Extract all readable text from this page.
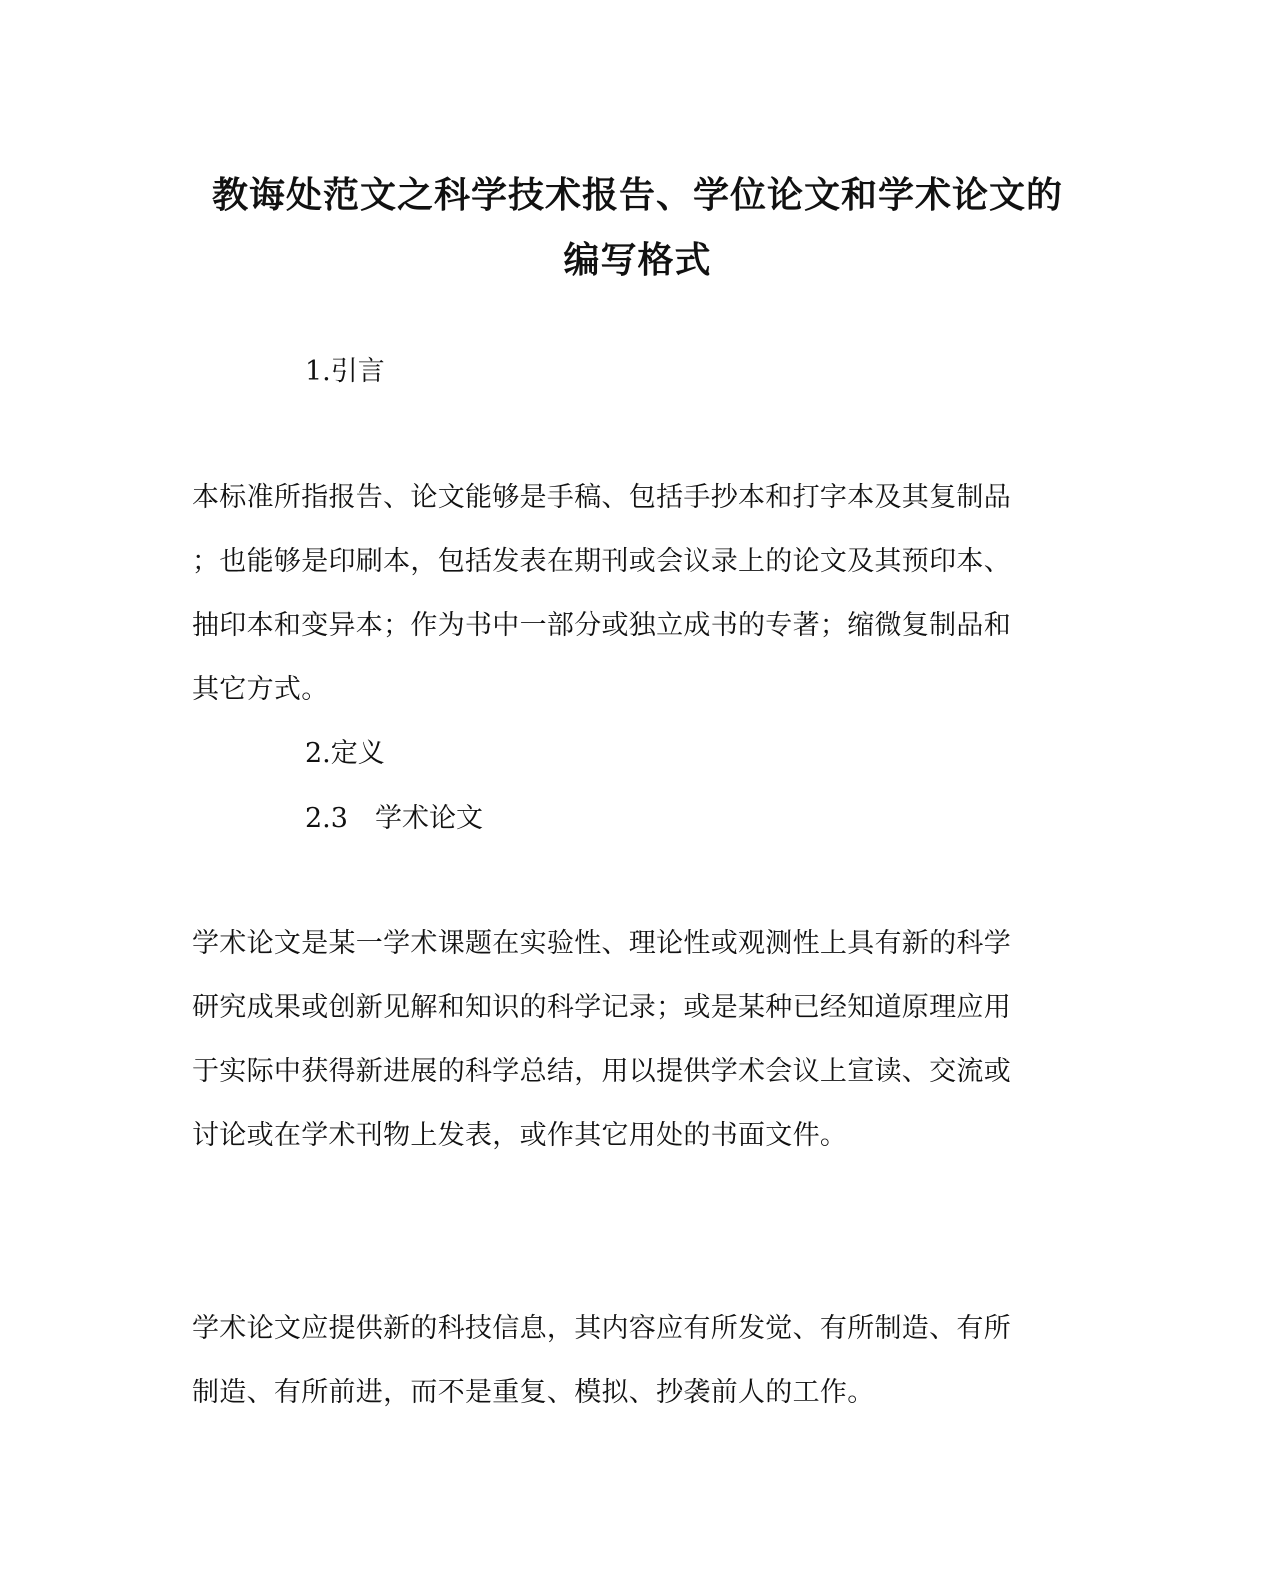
教诲处范文之科学技术报告、学位论文和学术论文的
编写格式
1.引言
本标准所指报告、论文能够是手稿、包括手抄本和打字本及其复制品
；也能够是印刷本，包括发表在期刊或会议录上的论文及其预印本、
抽印本和变异本；作为书中一部分或独立成书的专著；缩微复制品和
其它方式。
2.定义
2.3　学术论文
学术论文是某一学术课题在实验性、理论性或观测性上具有新的科学
研究成果或创新见解和知识的科学记录；或是某种已经知道原理应用
于实际中获得新进展的科学总结，用以提供学术会议上宣读、交流或
讨论或在学术刊物上发表，或作其它用处的书面文件。
学术论文应提供新的科技信息，其内容应有所发觉、有所制造、有所
制造、有所前进，而不是重复、模拟、抄袭前人的工作。
